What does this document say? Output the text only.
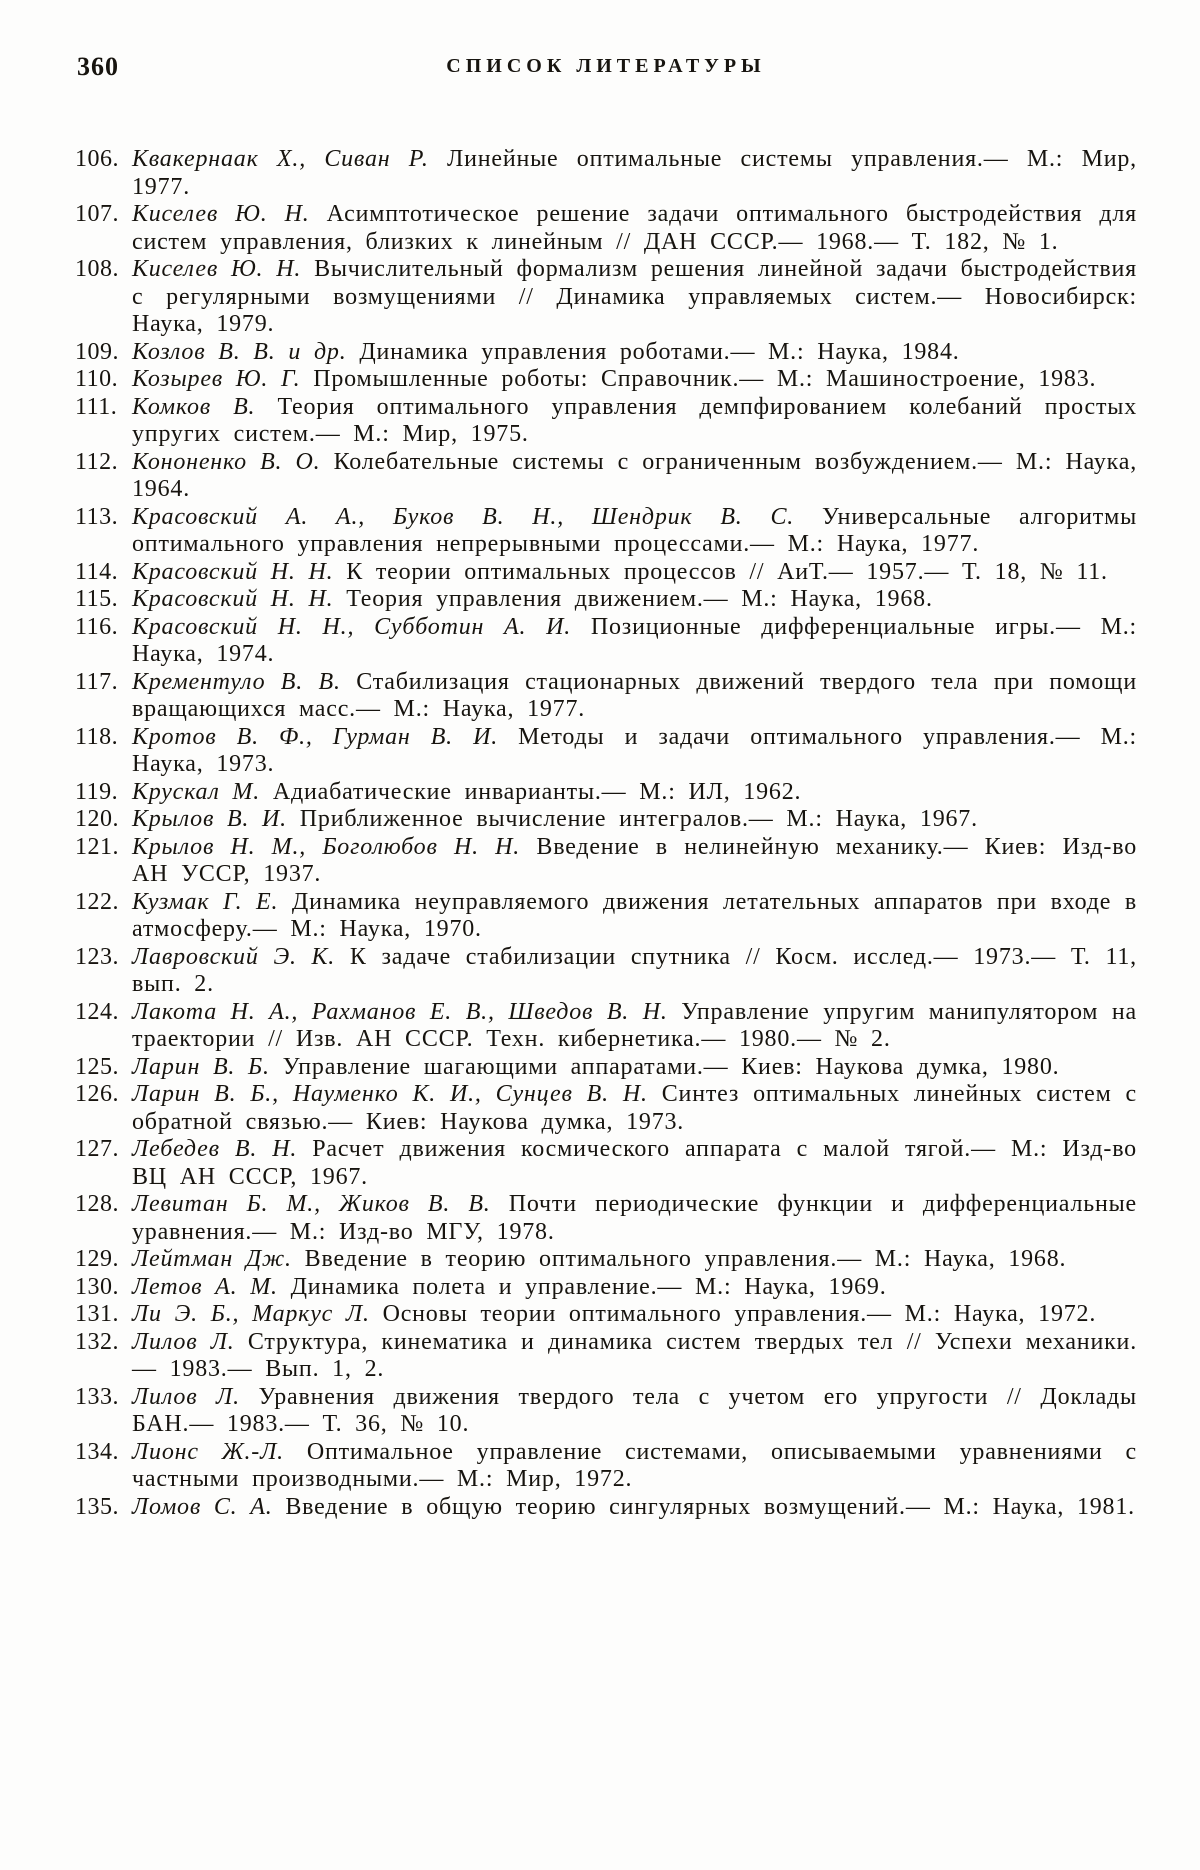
360	СПИСОК ЛИТЕРАТУРЫ
106. Квакернаак Х., Сиван Р. Линейные оптимальные системы управления.— М.: Мир, 1977.
107. Киселев Ю. Н. Асимптотическое решение задачи оптимального быстродействия для систем управления, близких к линейным // ДАН СССР.— 1968.— Т. 182, № 1.
108. Киселев Ю. Н. Вычислительный формализм решения линейной задачи быстродействия с регулярными возмущениями // Динамика управляемых систем.— Новосибирск: Наука, 1979.
109. Козлов В. В. и др. Динамика управления роботами.— М.: Наука, 1984.
110. Козырев Ю. Г. Промышленные роботы: Справочник.— М.: Машиностроение, 1983.
111. Комков В. Теория оптимального управления демпфированием колебаний простых упругих систем.— М.: Мир, 1975.
112. Кононенко В. О. Колебательные системы с ограниченным возбуждением.— М.: Наука, 1964.
113. Красовский А. А., Буков В. Н., Шендрик В. С. Универсальные алгоритмы оптимального управления непрерывными процессами.— М.: Наука, 1977.
114. Красовский Н. Н. К теории оптимальных процессов // АиТ.— 1957.— Т. 18, № 11.
115. Красовский Н. Н. Теория управления движением.— М.: Наука, 1968.
116. Красовский Н. Н., Субботин А. И. Позиционные дифференциальные игры.— М.: Наука, 1974.
117. Крементуло В. В. Стабилизация стационарных движений твердого тела при помощи вращающихся масс.— М.: Наука, 1977.
118. Кротов В. Ф., Гурман В. И. Методы и задачи оптимального управления.— М.: Наука, 1973.
119. Крускал М. Адиабатические инварианты.— М.: ИЛ, 1962.
120. Крылов В. И. Приближенное вычисление интегралов.— М.: Наука, 1967.
121. Крылов Н. М., Боголюбов Н. Н. Введение в нелинейную механику.— Киев: Изд-во АН УССР, 1937.
122. Кузмак Г. Е. Динамика неуправляемого движения летательных аппаратов при входе в атмосферу.— М.: Наука, 1970.
123. Лавровский Э. К. К задаче стабилизации спутника // Косм. исслед.— 1973.— Т. 11, вып. 2.
124. Лакота Н. А., Рахманов Е. В., Шведов В. Н. Управление упругим манипулятором на траектории // Изв. АН СССР. Техн. кибернетика.— 1980.— № 2.
125. Ларин В. Б. Управление шагающими аппаратами.— Киев: Наукова думка, 1980.
126. Ларин В. Б., Науменко К. И., Сунцев В. Н. Синтез оптимальных линейных систем с обратной связью.— Киев: Наукова думка, 1973.
127. Лебедев В. Н. Расчет движения космического аппарата с малой тягой.— М.: Изд-во ВЦ АН СССР, 1967.
128. Левитан Б. М., Жиков В. В. Почти периодические функции и дифференциальные уравнения.— М.: Изд-во МГУ, 1978.
129. Лейтман Дж. Введение в теорию оптимального управления.— М.: Наука, 1968.
130. Летов А. М. Динамика полета и управление.— М.: Наука, 1969.
131. Ли Э. Б., Маркус Л. Основы теории оптимального управления.— М.: Наука, 1972.
132. Лилов Л. Структура, кинематика и динамика систем твердых тел // Успехи механики.— 1983.— Вып. 1, 2.
133. Лилов Л. Уравнения движения твердого тела с учетом его упругости // Доклады БАН.— 1983.— Т. 36, № 10.
134. Лионс Ж.-Л. Оптимальное управление системами, описываемыми уравнениями с частными производными.— М.: Мир, 1972.
135. Ломов С. А. Введение в общую теорию сингулярных возмущений.— М.: Наука, 1981.
